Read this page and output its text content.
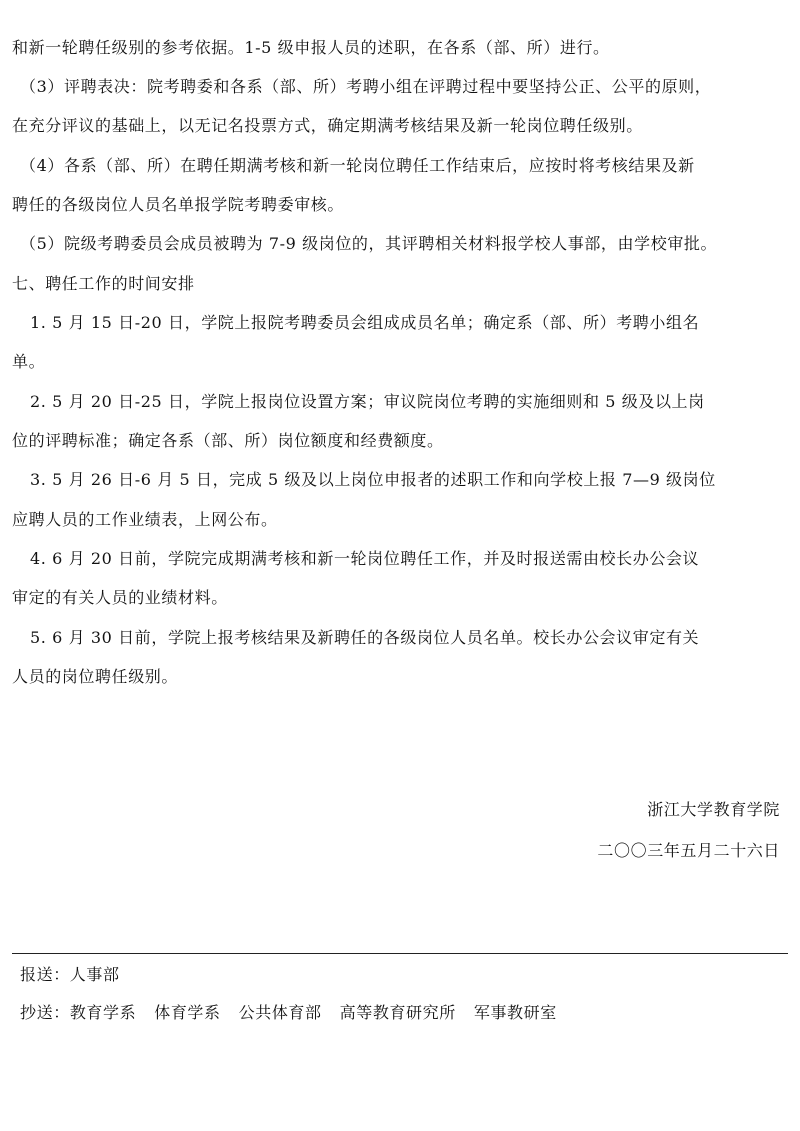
和新一轮聘任级别的参考依据。1-5 级申报人员的述职，在各系（部、所）进行。
（3）评聘表决：院考聘委和各系（部、所）考聘小组在评聘过程中要坚持公正、公平的原则，
在充分评议的基础上，以无记名投票方式，确定期满考核结果及新一轮岗位聘任级别。
（4）各系（部、所）在聘任期满考核和新一轮岗位聘任工作结束后，应按时将考核结果及新
聘任的各级岗位人员名单报学院考聘委审核。
（5）院级考聘委员会成员被聘为 7-9 级岗位的，其评聘相关材料报学校人事部，由学校审批。
七、聘任工作的时间安排
1. 5 月 15 日-20 日，学院上报院考聘委员会组成成员名单；确定系（部、所）考聘小组名
单。
2. 5 月 20 日-25 日，学院上报岗位设置方案；审议院岗位考聘的实施细则和 5 级及以上岗
位的评聘标准；确定各系（部、所）岗位额度和经费额度。
3. 5 月 26 日-6 月 5 日，完成 5 级及以上岗位申报者的述职工作和向学校上报 7—9 级岗位
应聘人员的工作业绩表，上网公布。
4. 6 月 20 日前，学院完成期满考核和新一轮岗位聘任工作，并及时报送需由校长办公会议
审定的有关人员的业绩材料。
5. 6 月 30 日前，学院上报考核结果及新聘任的各级岗位人员名单。校长办公会议审定有关
人员的岗位聘任级别。
浙江大学教育学院
二〇〇三年五月二十六日
报送：人事部
抄送：教育学系 体育学系 公共体育部 高等教育研究所 军事教研室
